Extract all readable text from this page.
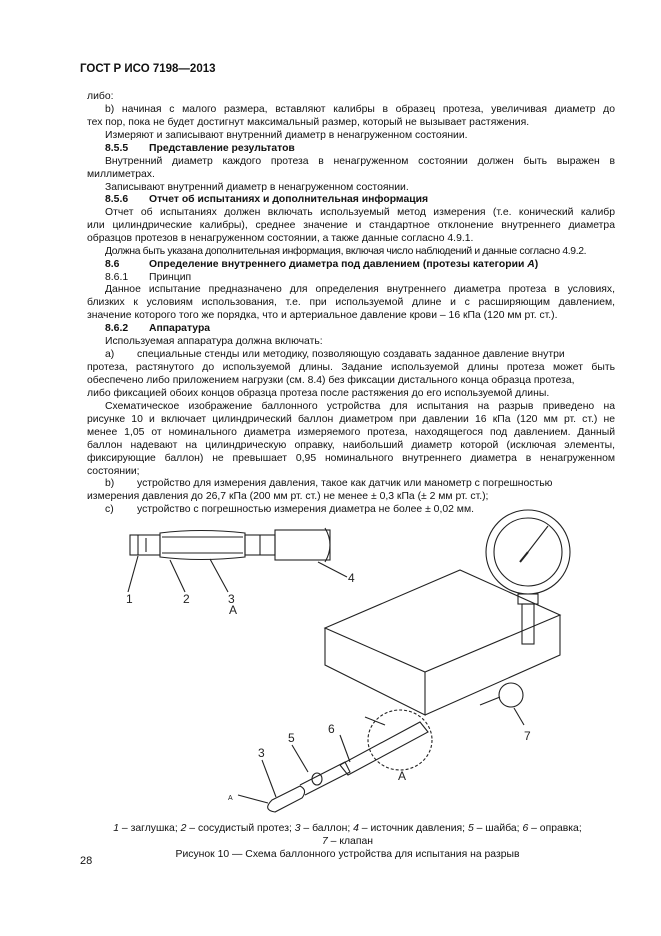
ГОСТ Р ИСО 7198—2013
либо:
b) начиная с малого размера, вставляют калибры в образец протеза, увеличивая диаметр до
тех пор, пока не будет достигнут максимальный размер, который не вызывает растяжения.
Измеряют и записывают внутренний диаметр в ненагруженном состоянии.
8.5.5 Представление результатов
Внутренний диаметр каждого протеза в ненагруженном состоянии должен быть выражен в
миллиметрах.
Записывают внутренний диаметр в ненагруженном состоянии.
8.5.6 Отчет об испытаниях и дополнительная информация
Отчет об испытаниях должен включать используемый метод измерения (т.е. конический калибр
или цилиндрические калибры), среднее значение и стандартное отклонение внутреннего диаметра
образцов протезов в ненагруженном состоянии, а также данные согласно 4.9.1.
Должна быть указана дополнительная информация, включая число наблюдений и данные согласно 4.9.2.
8.6	Определение внутреннего диаметра под давлением (протезы категории А)
8.6.1 Принцип
Данное испытание предназначено для определения внутреннего диаметра протеза в условиях,
близких к условиям использования, т.е. при используемой длине и с расширяющим давлением,
значение которого того же порядка, что и артериальное давление крови – 16 кПа (120 мм рт. ст.).
8.6.2 Аппаратура
Используемая аппаратура должна включать:
а) специальные стенды или методику, позволяющую создавать заданное давление внутри
протеза, растянутого до используемой длины. Задание используемой длины протеза может быть
обеспечено либо приложением нагрузки (см. 8.4) без фиксации дистального конца образца протеза,
либо фиксацией обоих концов образца протеза после растяжения до его используемой длины.
Схематическое изображение баллонного устройства для испытания на разрыв приведено на
рисунке 10 и включает цилиндрический баллон диаметром при давлении 16 кПа (120 мм рт. ст.) не
менее 1,05 от номинального диаметра измеряемого протеза, находящегося под давлением. Данный
баллон надевают на цилиндрическую оправку, наибольший диаметр которой (исключая элементы,
фиксирующие баллон) не превышает 0,95 номинального внутреннего диаметра в ненагруженном
состоянии;
b) устройство для измерения давления, такое как датчик или манометр с погрешностью
измерения давления до 26,7 кПа (200 мм рт. ст.) не менее ± 0,3 кПа (± 2 мм рт. ст.);
c) устройство с погрешностью измерения диаметра не более ± 0,02 мм.
1	2	3
4
5
6	7
3
А
А
А
1 – заглушка; 2 – сосудистый протез; 3 – баллон; 4 – источник давления; 5 – шайба; 6 – оправка;
7 – клапан
Рисунок 10 — Схема баллонного устройства для испытания на разрыв
28
